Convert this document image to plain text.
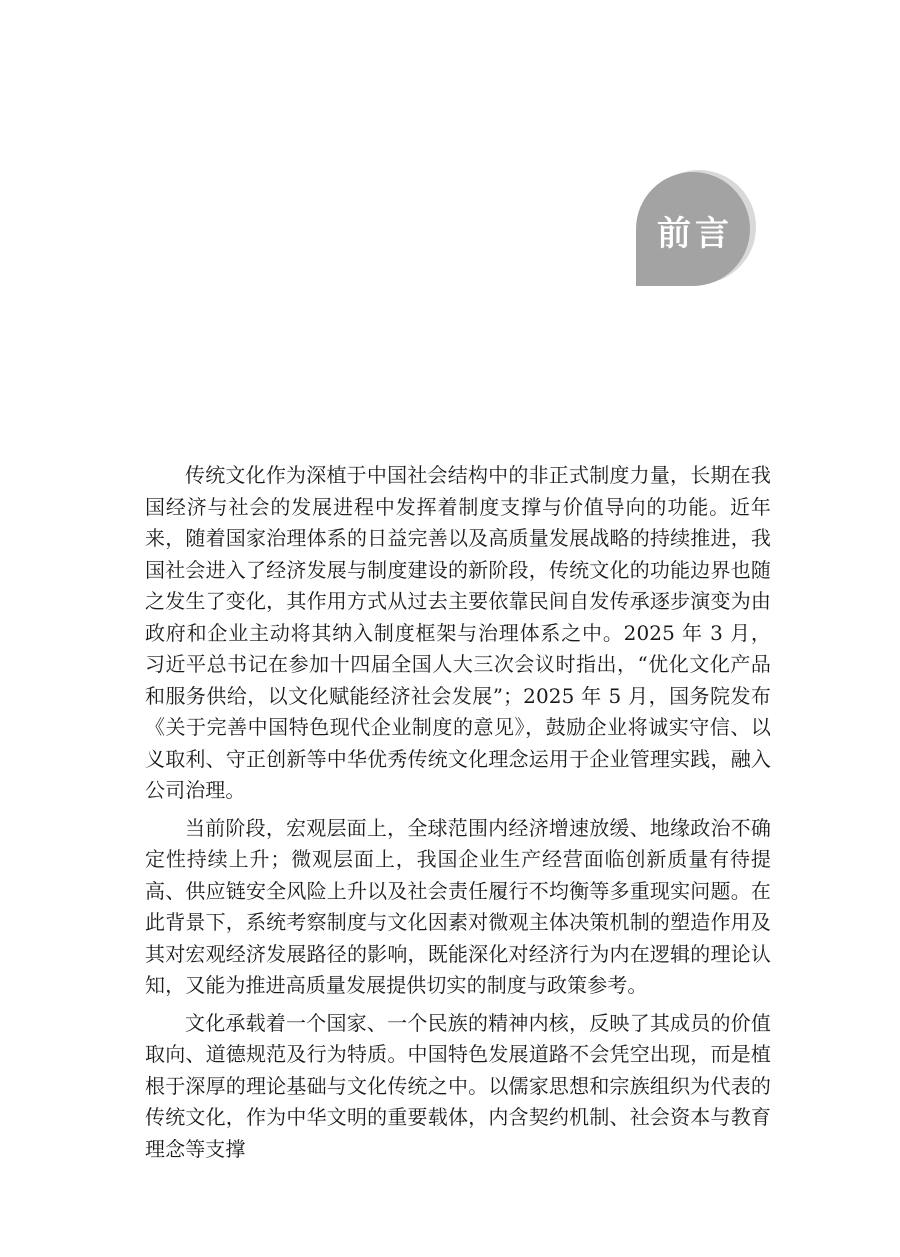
前言

传统文化作为深植于中国社会结构中的非正式制度力量，长期在我国经济与社会的发展进程中发挥着制度支撑与价值导向的功能。近年来，随着国家治理体系的日益完善以及高质量发展战略的持续推进，我国社会进入了经济发展与制度建设的新阶段，传统文化的功能边界也随之发生了变化，其作用方式从过去主要依靠民间自发传承逐步演变为由政府和企业主动将其纳入制度框架与治理体系之中。2025 年 3 月，习近平总书记在参加十四届全国人大三次会议时指出，“优化文化产品和服务供给，以文化赋能经济社会发展”；2025 年 5 月，国务院发布《关于完善中国特色现代企业制度的意见》，鼓励企业将诚实守信、以义取利、守正创新等中华优秀传统文化理念运用于企业管理实践，融入公司治理。

当前阶段，宏观层面上，全球范围内经济增速放缓、地缘政治不确定性持续上升；微观层面上，我国企业生产经营面临创新质量有待提高、供应链安全风险上升以及社会责任履行不均衡等多重现实问题。在此背景下，系统考察制度与文化因素对微观主体决策机制的塑造作用及其对宏观经济发展路径的影响，既能深化对经济行为内在逻辑的理论认知，又能为推进高质量发展提供切实的制度与政策参考。

文化承载着一个国家、一个民族的精神内核，反映了其成员的价值取向、道德规范及行为特质。中国特色发展道路不会凭空出现，而是植根于深厚的理论基础与文化传统之中。以儒家思想和宗族组织为代表的传统文化，作为中华文明的重要载体，内含契约机制、社会资本与教育理念等支撑
